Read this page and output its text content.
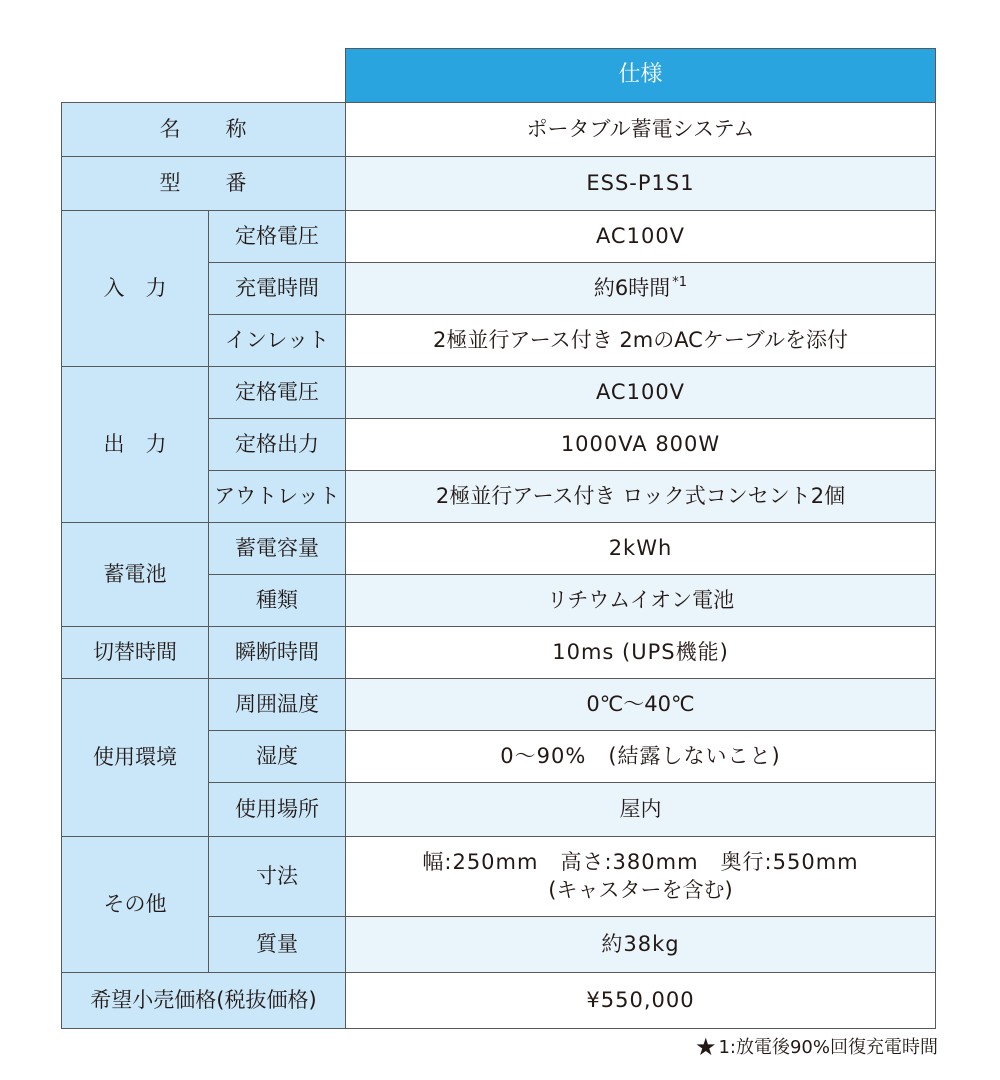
		仕様
名　　称		ポータブル蓄電システム
型　　番		ESS-P1S1
入　力	定格電圧	AC100V
	充電時間	約6時間 $^{*1}$
	インレット	2極並行アース付き 2mのACケーブルを添付
出　力	定格電圧	AC100V
	定格出力	1000VA 800W
	アウトレット	2極並行アース付き ロック式コンセント2個
蓄電池	蓄電容量	2kWh
	種類	リチウムイオン電池
切替時間	瞬断時間	10ms (UPS機能)
使用環境	周囲温度	0℃～40℃
	湿度	0～90%　(結露しないこと)
	使用場所	屋内
その他	寸法	幅:250mm　高さ:380mm　奥行:550mm
(キャスターを含む)

	質量	約38kg
希望小売価格(税抜価格)		¥550,000
★ 1:放電後90%回復充電時間
